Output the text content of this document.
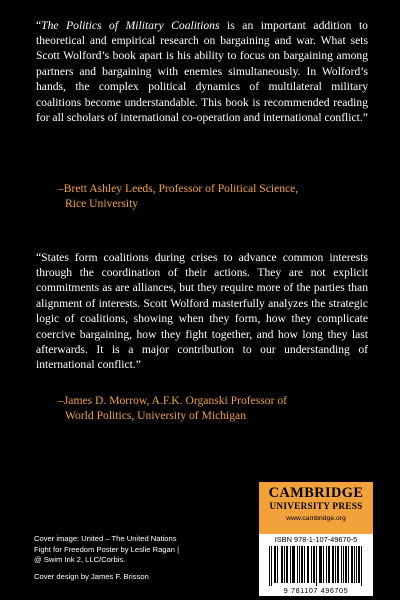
“The Politics of Military Coalitions is an important addition to theoretical and empirical research on bargaining and war. What sets Scott Wolford’s book apart is his ability to focus on bargaining among partners and bargaining with enemies simultaneously. In Wolford’s hands, the complex political dynamics of multilateral military coalitions become understandable. This book is recommended reading for all scholars of international co-operation and international conflict.”

–Brett Ashley Leeds, Professor of Political Science,
Rice University

“States form coalitions during crises to advance common interests through the coordination of their actions. They are not explicit commitments as are alliances, but they require more of the parties than alignment of interests. Scott Wolford masterfully analyzes the strategic logic of coalitions, showing when they form, how they complicate coercive bargaining, how they fight together, and how long they last afterwards. It is a major contribution to our understanding of international conflict.”

–James D. Morrow, A.F.K. Organski Professor of
World Politics, University of Michigan
Cover image: United – The United Nations
Fight for Freedom Poster by Leslie Ragan |
@ Swim Ink 2, LLC/Corbis.
Cover design by James F. Brisson
CAMBRIDGE
UNIVERSITY PRESS
www.cambridge.org
ISBN 978-1-107-49670-5
9 781107 496705
